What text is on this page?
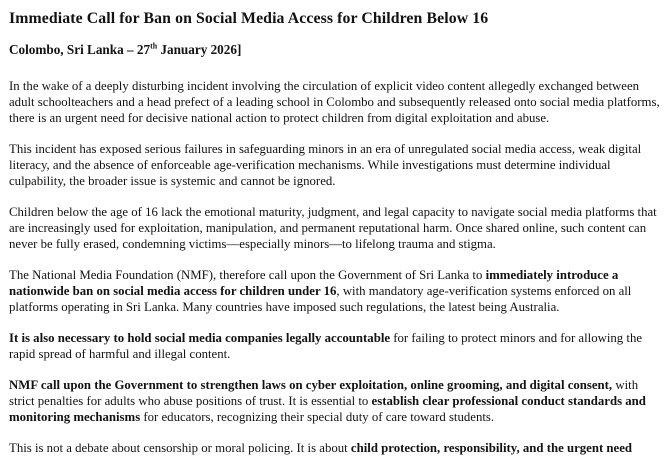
Immediate Call for Ban on Social Media Access for Children Below 16

Colombo, Sri Lanka – 27th January 2026]

In the wake of a deeply disturbing incident involving the circulation of explicit video content allegedly exchanged between adult schoolteachers and a head prefect of a leading school in Colombo and subsequently released onto social media platforms, there is an urgent need for decisive national action to protect children from digital exploitation and abuse.

This incident has exposed serious failures in safeguarding minors in an era of unregulated social media access, weak digital literacy, and the absence of enforceable age-verification mechanisms. While investigations must determine individual culpability, the broader issue is systemic and cannot be ignored.

Children below the age of 16 lack the emotional maturity, judgment, and legal capacity to navigate social media platforms that are increasingly used for exploitation, manipulation, and permanent reputational harm. Once shared online, such content can never be fully erased, condemning victims—especially minors—to lifelong trauma and stigma.

The National Media Foundation (NMF), therefore call upon the Government of Sri Lanka to immediately introduce a nationwide ban on social media access for children under 16, with mandatory age-verification systems enforced on all platforms operating in Sri Lanka. Many countries have imposed such regulations, the latest being Australia.

It is also necessary to hold social media companies legally accountable for failing to protect minors and for allowing the rapid spread of harmful and illegal content.

NMF call upon the Government to strengthen laws on cyber exploitation, online grooming, and digital consent, with strict penalties for adults who abuse positions of trust. It is essential to establish clear professional conduct standards and monitoring mechanisms for educators, recognizing their special duty of care toward students.

This is not a debate about censorship or moral policing. It is about child protection, responsibility, and the urgent need
